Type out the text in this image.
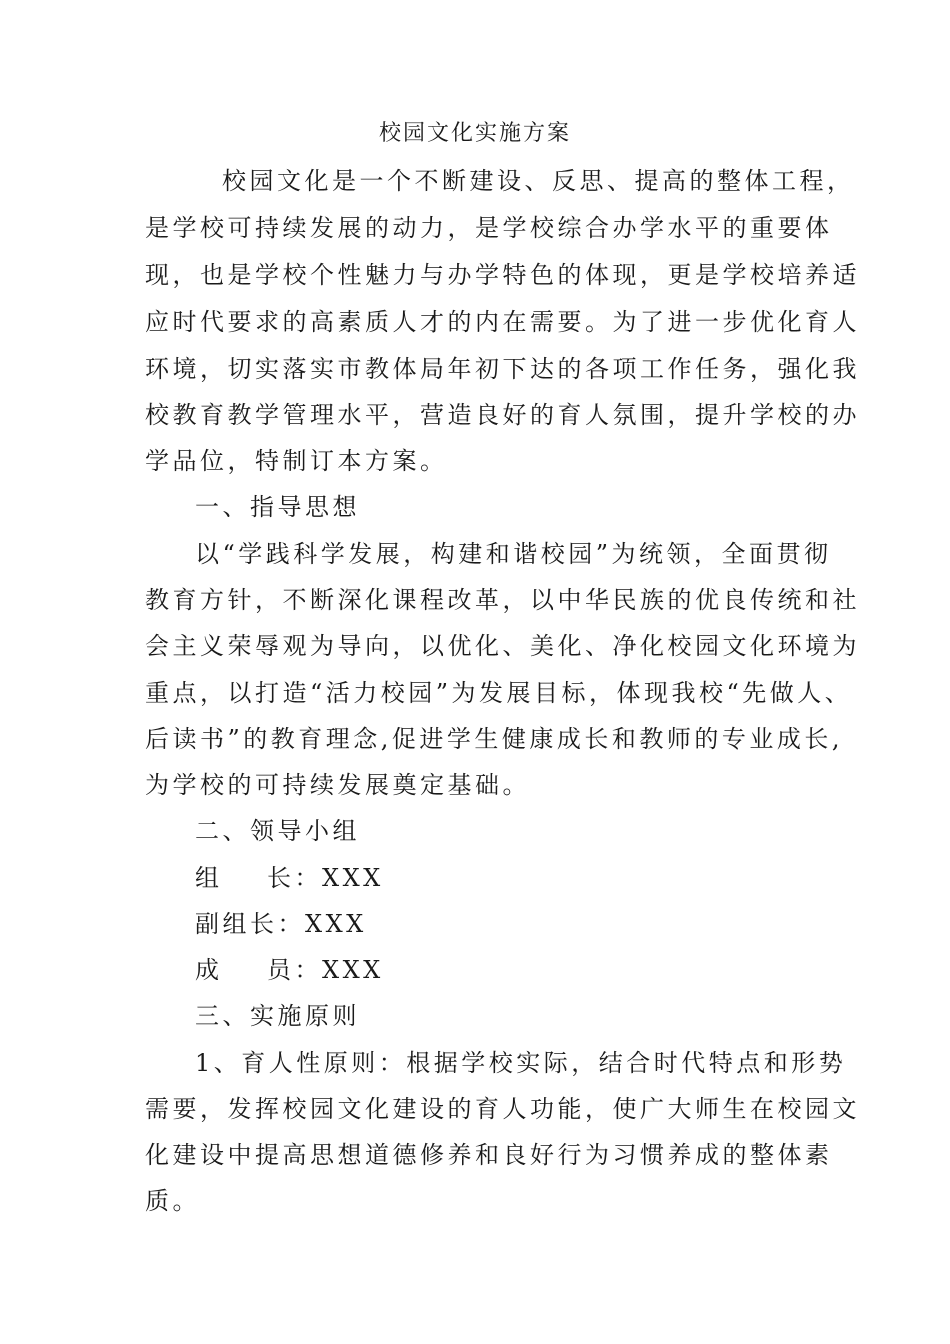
校园文化实施方案
校园文化是一个不断建设、反思、提高的整体工程，
是学校可持续发展的动力，是学校综合办学水平的重要体
现，也是学校个性魅力与办学特色的体现，更是学校培养适
应时代要求的高素质人才的内在需要。为了进一步优化育人
环境，切实落实市教体局年初下达的各项工作任务，强化我
校教育教学管理水平，营造良好的育人氛围，提升学校的办
学品位，特制订本方案。
一、指导思想
以“学践科学发展，构建和谐校园”为统领，全面贯彻
教育方针，不断深化课程改革，以中华民族的优良传统和社
会主义荣辱观为导向，以优化、美化、净化校园文化环境为
重点，以打造“活力校园”为发展目标，体现我校“先做人、
后读书”的教育理念,促进学生健康成长和教师的专业成长,
为学校的可持续发展奠定基础。
二、领导小组
组    长：XXX
副组长：XXX
成    员：XXX
三、实施原则
1、育人性原则：根据学校实际，结合时代特点和形势
需要，发挥校园文化建设的育人功能，使广大师生在校园文
化建设中提高思想道德修养和良好行为习惯养成的整体素
质。
